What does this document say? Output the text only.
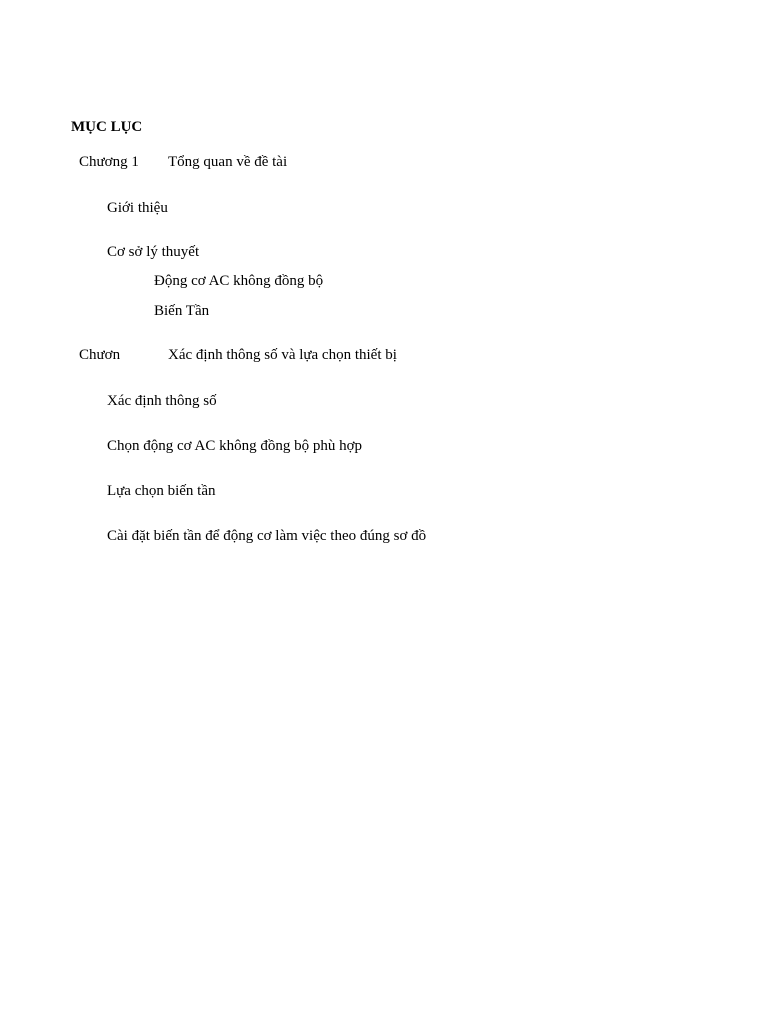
MỤC LỤC
Chương 1 Tổng quan về đề tài
Giới thiệu
Cơ sở lý thuyết
Động cơ AC không đồng bộ
Biến Tần
Chươn	Xác định thông số và lựa chọn thiết bị
Xác định thông số
Chọn động cơ AC không đồng bộ phù hợp
Lựa chọn biến tần
Cài đặt biến tần để động cơ làm việc theo đúng sơ đồ
